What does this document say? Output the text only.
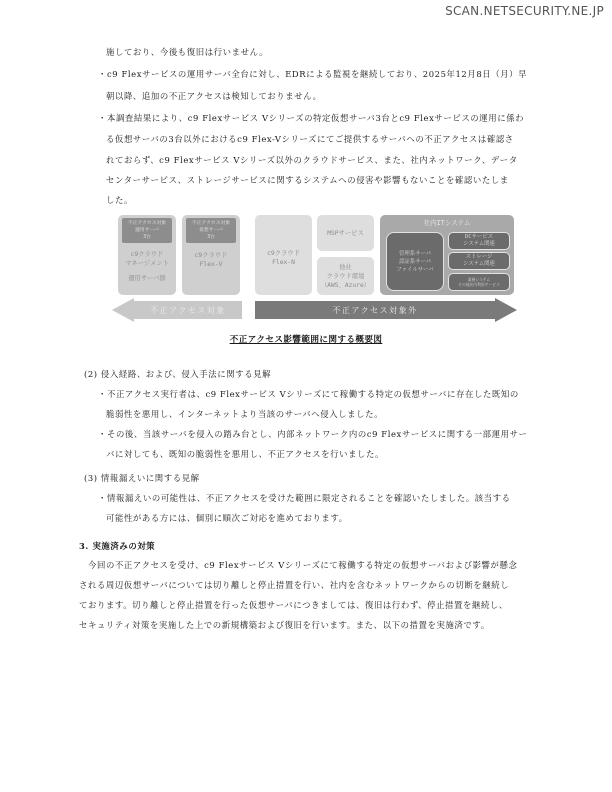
SCAN.NETSECURITY.NE.JP
施しており、今後も復旧は行いません。
・c9 Flexサービスの運用サーバ全台に対し、EDRによる監視を継続しており、2025年12月8日（月）早
朝以降、追加の不正アクセスは検知しておりません。
・本調査結果により、c9 Flexサービス Vシリーズの特定仮想サーバ3台とc9 Flexサービスの運用に係わ
る仮想サーバの3台以外におけるc9 Flex-Vシリーズにてご提供するサーバへの不正アクセスは確認さ
れておらず、c9 Flexサービス Vシリーズ以外のクラウドサービス、また、社内ネットワーク、データ
センターサービス、ストレージサービスに関するシステムへの侵害や影響もないことを確認いたしま
した。
不正アクセス対象
運用サーバ
3台
c9クラウド
マネージメント
運用サーバ群
不正アクセス対象
仮想サーバ
3台
c9クラウド
Flex-V
c9クラウド
Flex-N
MSPサービス
他社
クラウド環境
（AWS、Azure）
社内ITシステム
管理系サーバ
認証系サーバ
ファイルサーバ
DCサービス
システム関連
ストレージ
システム関連
業務システム
その他社内利用サービス
不正アクセス対象	不正アクセス対象外
不正アクセス影響範囲に関する概要図
(2) 侵入経路、および、侵入手法に関する見解
・不正アクセス実行者は、c9 Flexサービス Vシリーズにて稼働する特定の仮想サーバに存在した既知の
脆弱性を悪用し、インターネットより当該のサーバへ侵入しました。
・その後、当該サーバを侵入の踏み台とし、内部ネットワーク内のc9 Flexサービスに関する一部運用サー
バに対しても、既知の脆弱性を悪用し、不正アクセスを行いました。
(3) 情報漏えいに関する見解
・情報漏えいの可能性は、不正アクセスを受けた範囲に限定されることを確認いたしました。該当する
可能性がある方には、個別に順次ご対応を進めております。
3. 実施済みの対策
今回の不正アクセスを受け、c9 Flexサービス Vシリーズにて稼働する特定の仮想サーバおよび影響が懸念
される周辺仮想サーバについては切り離しと停止措置を行い、社内を含むネットワークからの切断を継続し
ております。切り離しと停止措置を行った仮想サーバにつきましては、復旧は行わず、停止措置を継続し、
セキュリティ対策を実施した上での新規構築および復旧を行います。また、以下の措置を実施済です。
